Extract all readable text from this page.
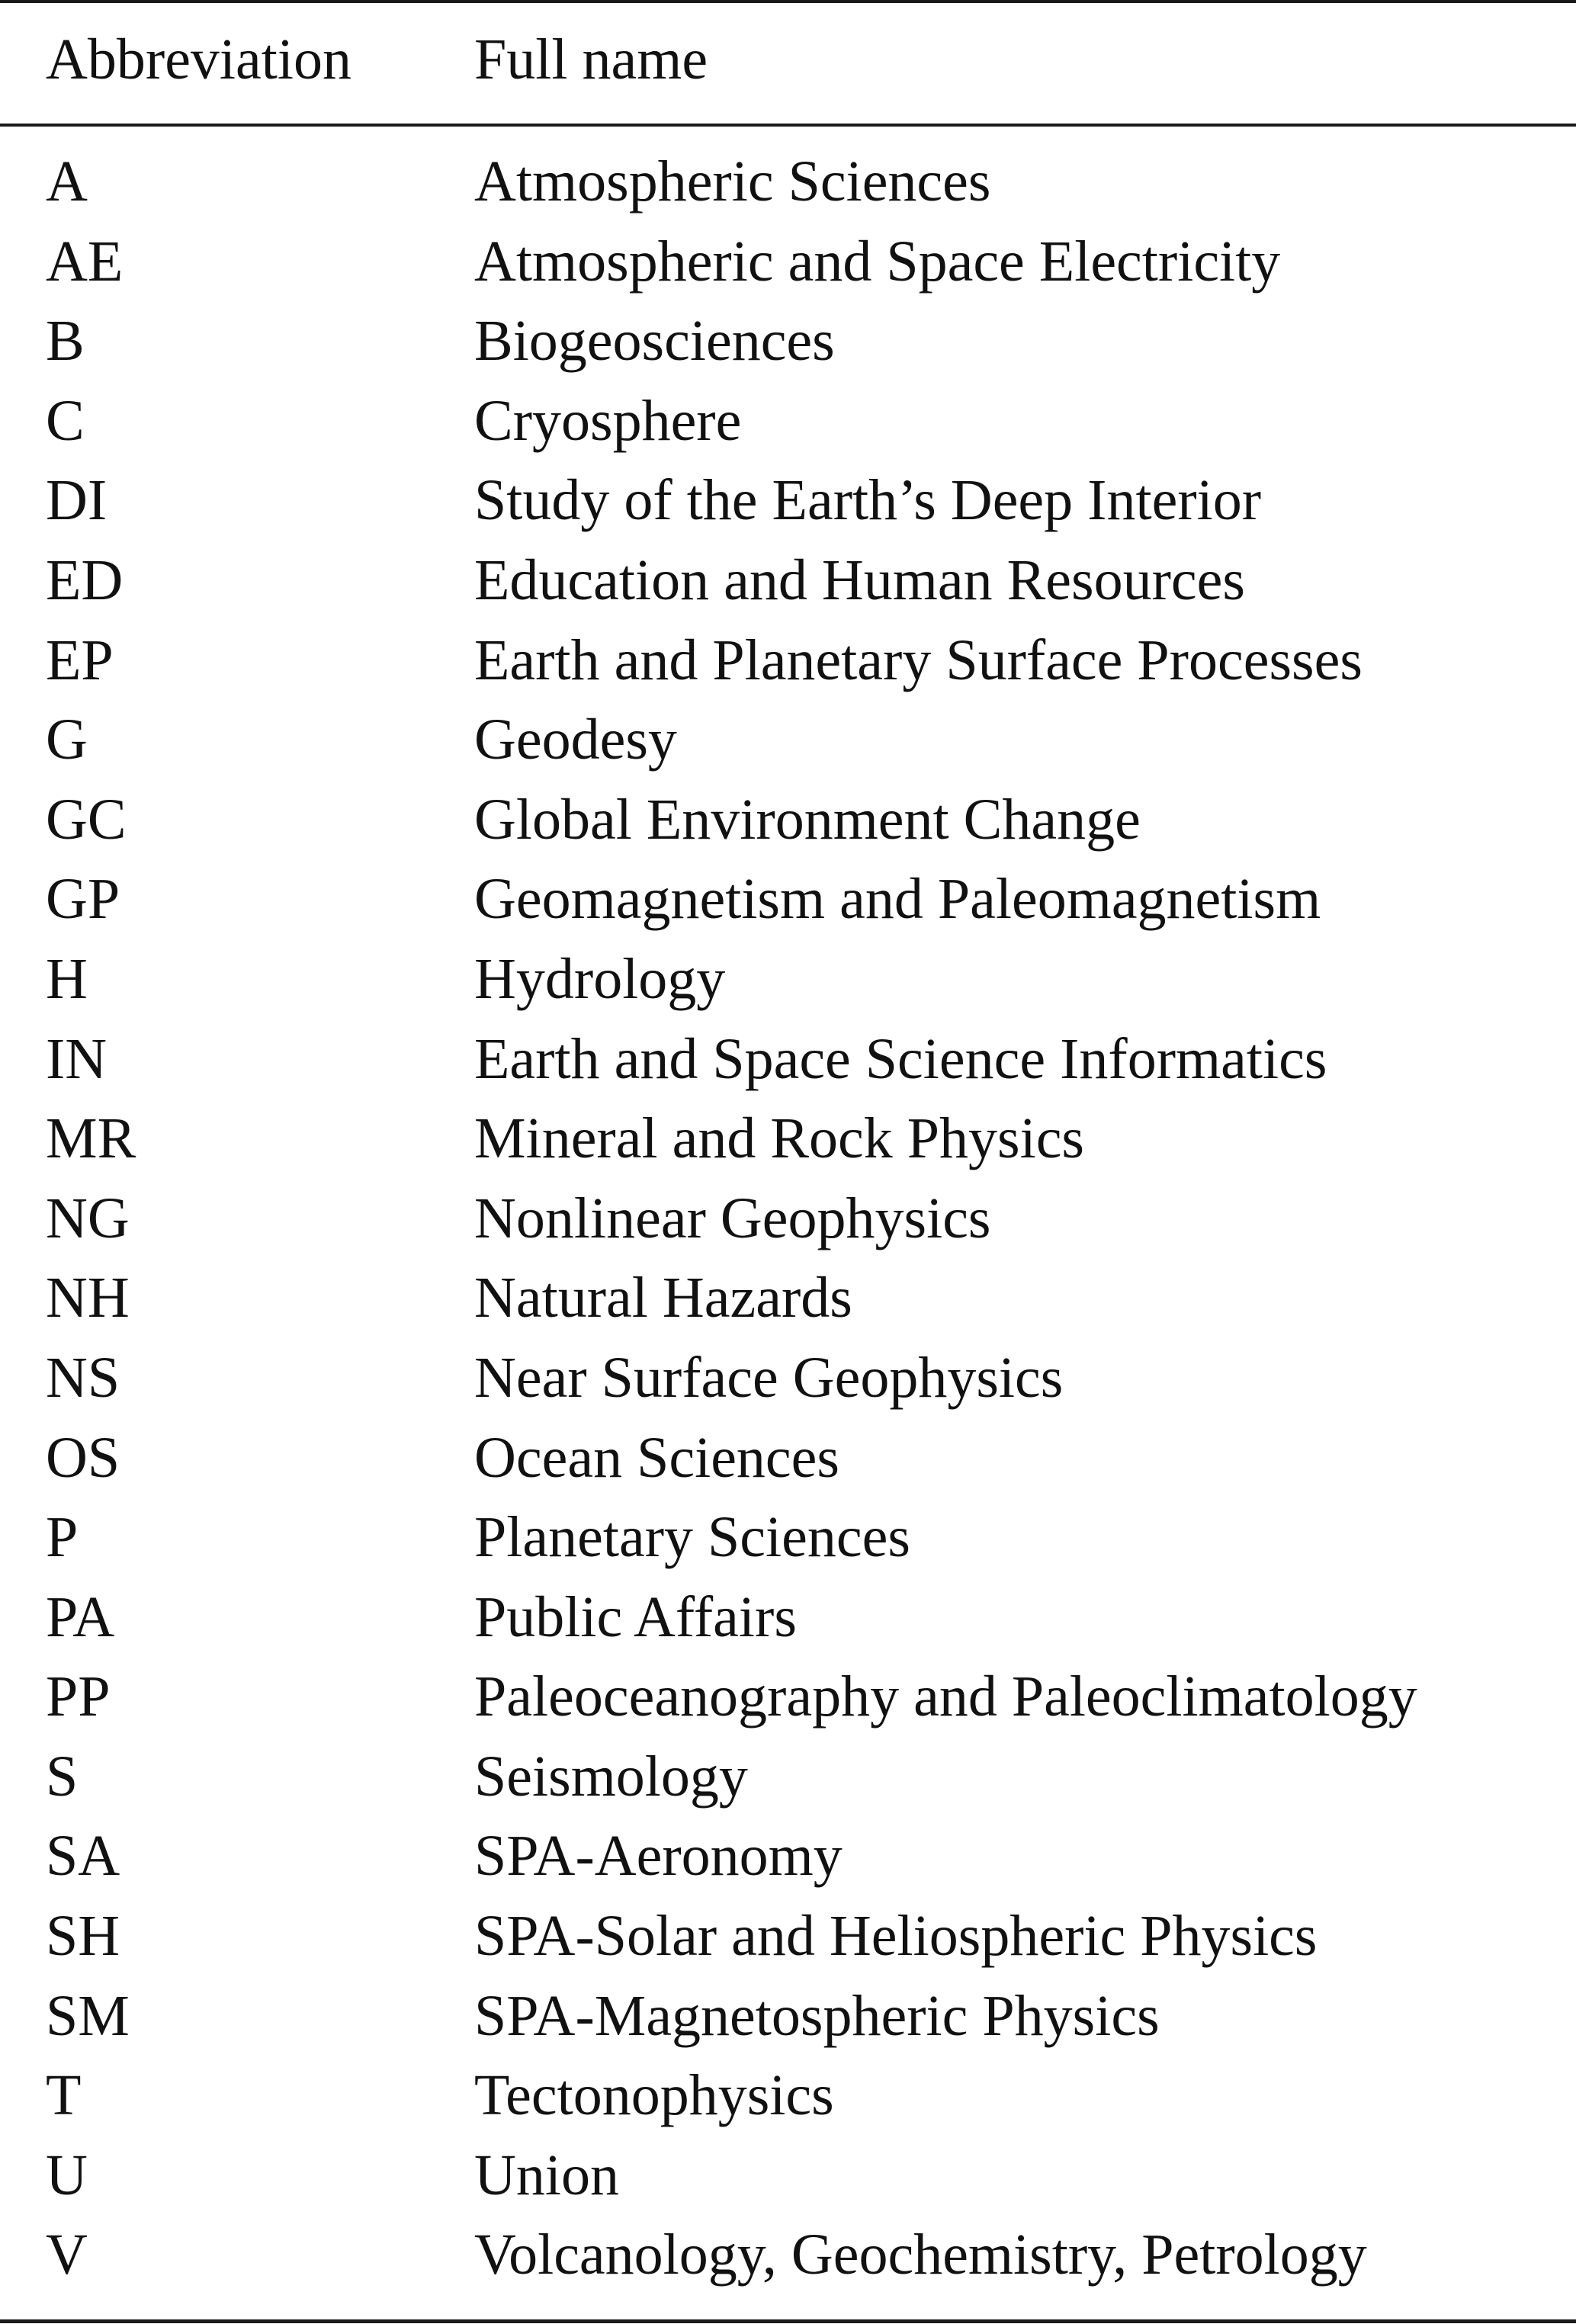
Abbreviation Full name
A	Atmospheric Sciences
AE	Atmospheric and Space Electricity
B	Biogeosciences
C	Cryosphere
DI	Study of the Earth’s Deep Interior
ED	Education and Human Resources
EP	Earth and Planetary Surface Processes
G	Geodesy
GC	Global Environment Change
GP	Geomagnetism and Paleomagnetism
H	Hydrology
IN	Earth and Space Science Informatics
MR	Mineral and Rock Physics
NG	Nonlinear Geophysics
NH	Natural Hazards
NS	Near Surface Geophysics
OS	Ocean Sciences
P	Planetary Sciences
PA	Public Affairs
PP	Paleoceanography and Paleoclimatology
S	Seismology
SA	SPA-Aeronomy
SH	SPA-Solar and Heliospheric Physics
SM	SPA-Magnetospheric Physics
T	Tectonophysics
U	Union
V	Volcanology, Geochemistry, Petrology
